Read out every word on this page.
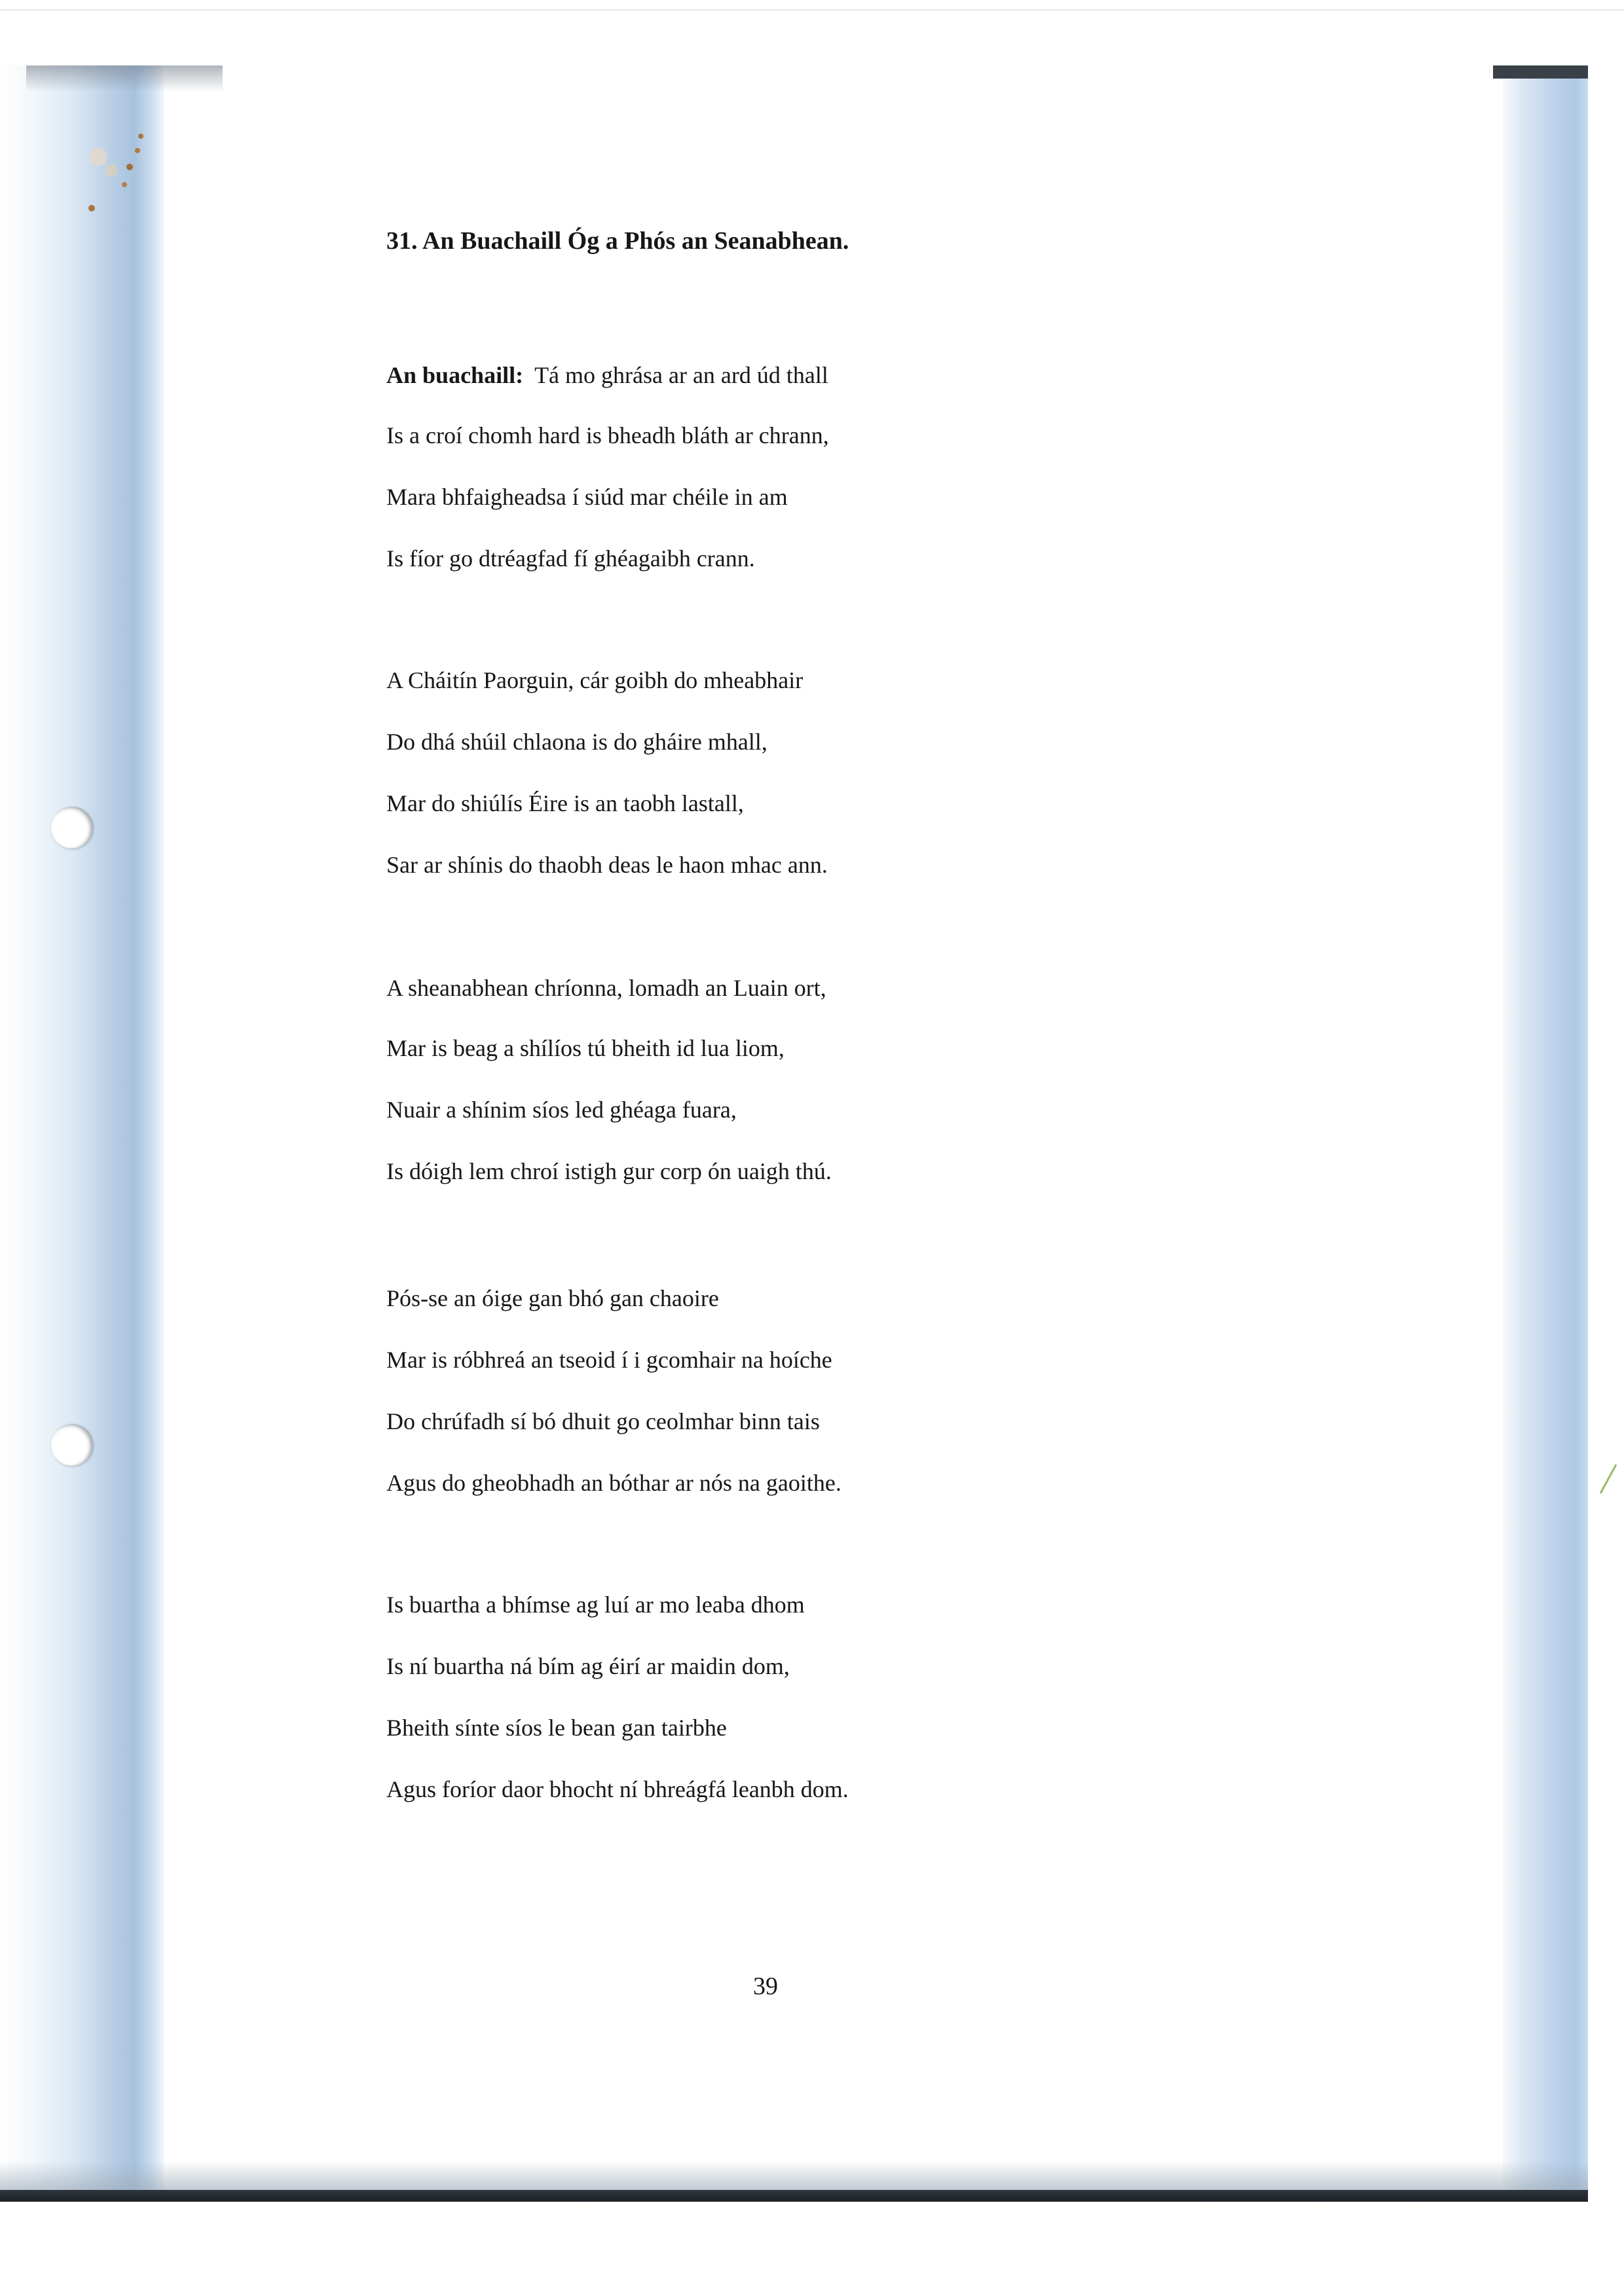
31. An Buachaill Óg a Phós an Seanabhean.
An buachaill: Tá mo ghrása ar an ard úd thall
Is a croí chomh hard is bheadh bláth ar chrann,
Mara bhfaigheadsa í siúd mar chéile in am
Is fíor go dtréagfad fí ghéagaibh crann.
A Cháitín Paorguin, cár goibh do mheabhair
Do dhá shúil chlaona is do gháire mhall,
Mar do shiúlís Éire is an taobh lastall,
Sar ar shínis do thaobh deas le haon mhac ann.
A sheanabhean chríonna, lomadh an Luain ort,
Mar is beag a shílíos tú bheith id lua liom,
Nuair a shínim síos led ghéaga fuara,
Is dóigh lem chroí istigh gur corp ón uaigh thú.
Pós-se an óige gan bhó gan chaoire
Mar is róbhreá an tseoid í i gcomhair na hoíche
Do chrúfadh sí bó dhuit go ceolmhar binn tais
Agus do gheobhadh an bóthar ar nós na gaoithe.
Is buartha a bhímse ag luí ar mo leaba dhom
Is ní buartha ná bím ag éirí ar maidin dom,
Bheith sínte síos le bean gan tairbhe
Agus foríor daor bhocht ní bhreágfá leanbh dom.
39
